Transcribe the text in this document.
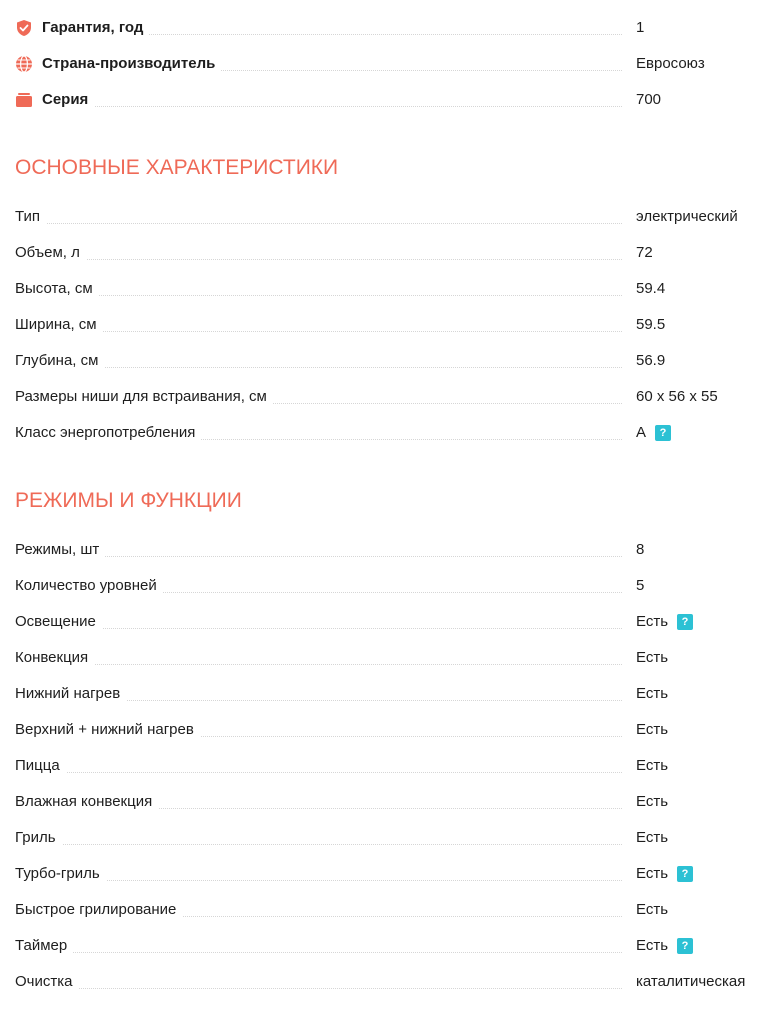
Гарантия, год	1
Страна-производитель	Евросоюз
Серия	700
ОСНОВНЫЕ ХАРАКТЕРИСТИКИ
Тип	электрический
Объем, л	72
Высота, см	59.4
Ширина, см	59.5
Глубина, см	56.9
Размеры ниши для встраивания, см	60 х 56 х 55
Класс энергопотребления	A	?
РЕЖИМЫ И ФУНКЦИИ
Режимы, шт	8
Количество уровней	5
Освещение	Есть	?
Конвекция	Есть
Нижний нагрев	Есть
Верхний + нижний нагрев	Есть
Пицца	Есть
Влажная конвекция	Есть
Гриль	Есть
Турбо-гриль	Есть	?
Быстрое грилирование	Есть
Таймер	Есть	?
Очистка	каталитическая
